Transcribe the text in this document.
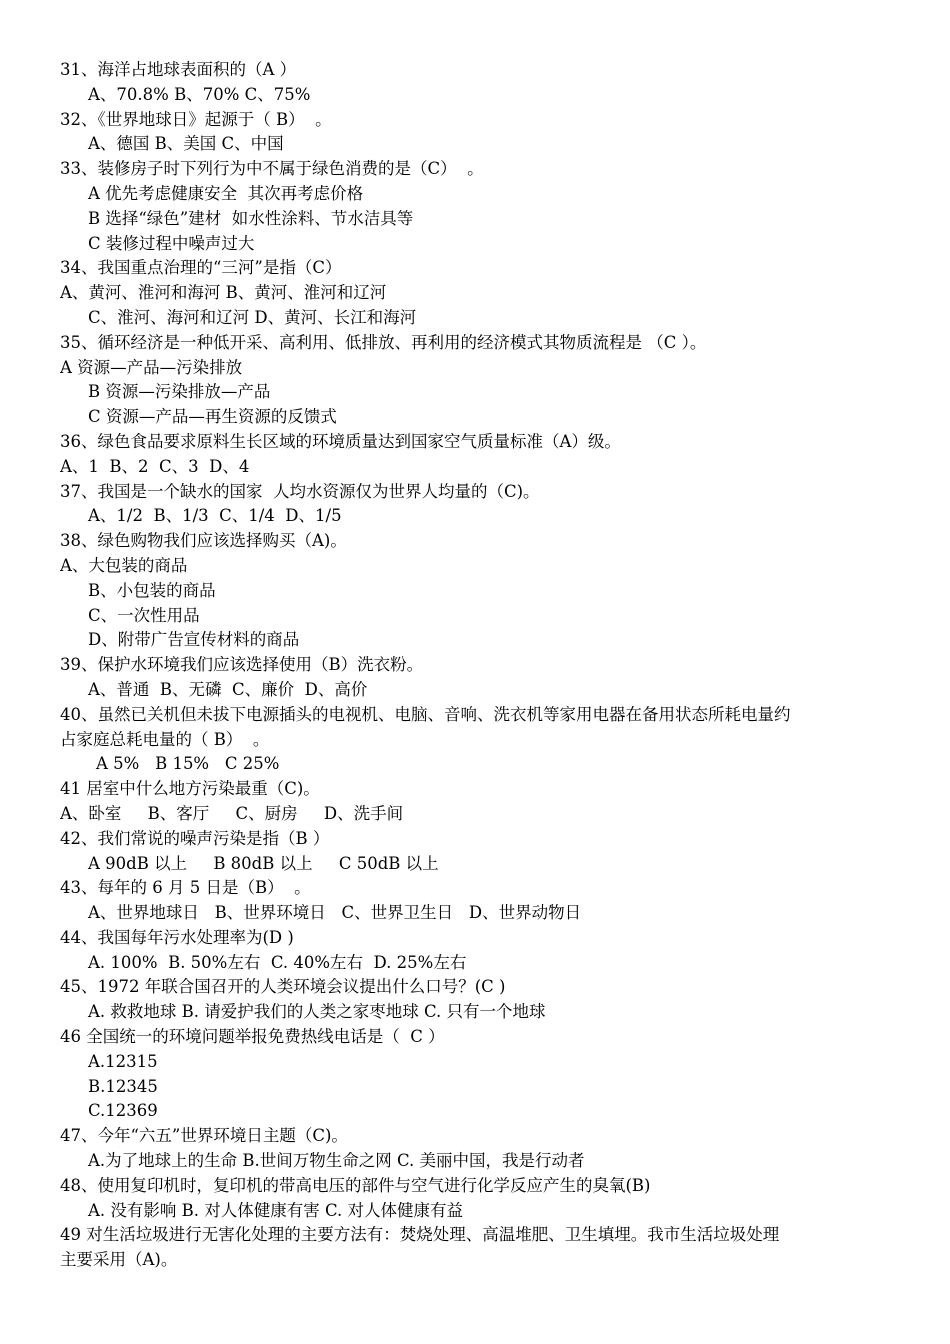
31、海洋占地球表面积的（A ）
A、70.8% B、70% C、75%
32、《世界地球日》起源于（ B）  。
A、德国 B、美国 C、中国
33、装修房子时下列行为中不属于绿色消费的是（C）  。
A 优先考虑健康安全  其次再考虑价格
B 选择“绿色”建材  如水性涂料、节水洁具等
C 装修过程中噪声过大
34、我国重点治理的“三河”是指（C）
A、黄河、淮河和海河 B、黄河、淮河和辽河
C、淮河、海河和辽河 D、黄河、长江和海河
35、循环经济是一种低开采、高利用、低排放、再利用的经济模式其物质流程是 （C ）。
A 资源—产品—污染排放
B 资源—污染排放—产品
C 资源—产品—再生资源的反馈式
36、绿色食品要求原料生长区域的环境质量达到国家空气质量标准（A）级。
A、1  B、2  C、3  D、4
37、我国是一个缺水的国家  人均水资源仅为世界人均量的（C)。
A、1/2  B、1/3  C、1/4  D、1/5
38、绿色购物我们应该选择购买（A)。
A、大包装的商品
B、小包装的商品
C、一次性用品
D、附带广告宣传材料的商品
39、保护水环境我们应该选择使用（B）洗衣粉。
A、普通  B、无磷  C、廉价  D、高价
40、虽然已关机但未拔下电源插头的电视机、电脑、音响、洗衣机等家用电器在备用状态所耗电量约
占家庭总耗电量的（ B）  。
A 5%   B 15%   C 25%
41 居室中什么地方污染最重（C)。
A、卧室     B、客厅     C、厨房     D、洗手间
42、我们常说的噪声污染是指（B ）
A 90dB 以上     B 80dB 以上     C 50dB 以上
43、每年的 6 月 5 日是（B）  。
A、世界地球日   B、世界环境日   C、世界卫生日   D、世界动物日
44、我国每年污水处理率为(D )
A. 100%  B. 50%左右  C. 40%左右  D. 25%左右
45、1972 年联合国召开的人类环境会议提出什么口号？(C )
A. 救救地球 B. 请爱护我们的人类之家枣地球 C. 只有一个地球
46 全国统一的环境问题举报免费热线电话是（  C ）
A.12315
B.12345
C.12369
47、今年“六五”世界环境日主题（C)。
A.为了地球上的生命 B.世间万物生命之网 C. 美丽中国，我是行动者
48、使用复印机时，复印机的带高电压的部件与空气进行化学反应产生的臭氧(B)
A. 没有影响 B. 对人体健康有害 C. 对人体健康有益
49 对生活垃圾进行无害化处理的主要方法有：焚烧处理、高温堆肥、卫生填埋。我市生活垃圾处理
主要采用（A)。
